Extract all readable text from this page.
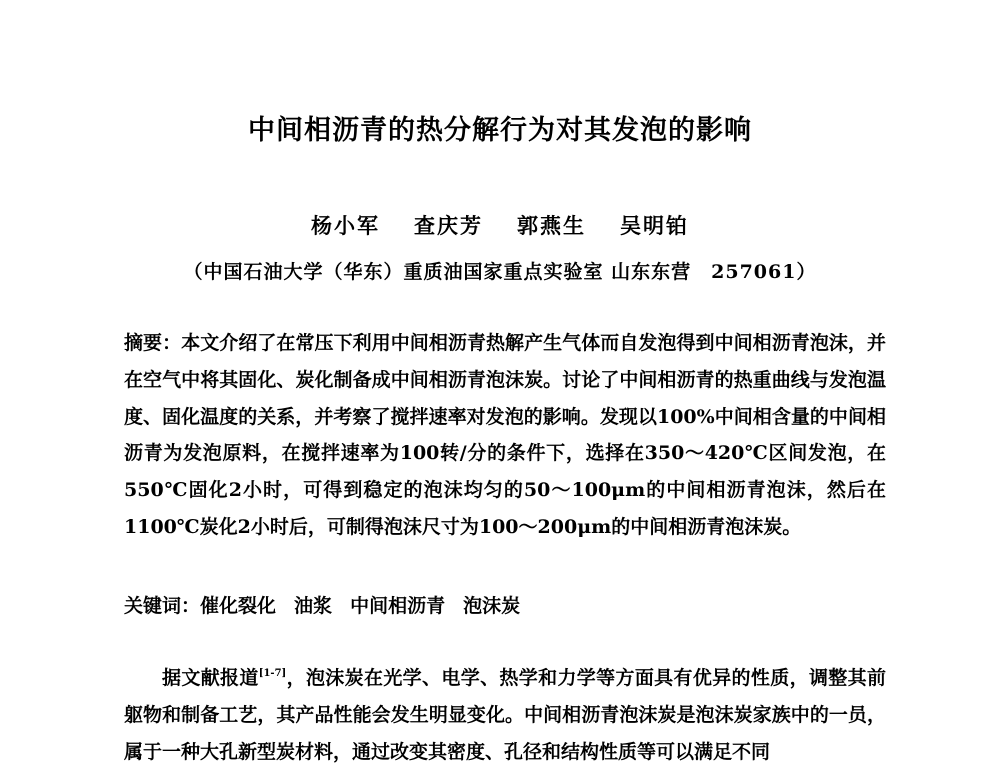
中间相沥青的热分解行为对其发泡的影响
杨小军 查庆芳 郭燕生 吴明铂
（中国石油大学（华东）重质油国家重点实验室 山东东营　257061）
摘要：本文介绍了在常压下利用中间相沥青热解产生气体而自发泡得到中间相沥青泡沫，并在空气中将其固化、炭化制备成中间相沥青泡沫炭。讨论了中间相沥青的热重曲线与发泡温度、固化温度的关系，并考察了搅拌速率对发泡的影响。发现以100%中间相含量的中间相沥青为发泡原料，在搅拌速率为100转/分的条件下，选择在350～420℃区间发泡，在550℃固化2小时，可得到稳定的泡沫均匀的50～100μm的中间相沥青泡沫，然后在1100℃炭化2小时后，可制得泡沫尺寸为100～200μm的中间相沥青泡沫炭。
关键词：催化裂化 油浆 中间相沥青 泡沫炭
据文献报道[1-7]，泡沫炭在光学、电学、热学和力学等方面具有优异的性质，调整其前躯物和制备工艺，其产品性能会发生明显变化。中间相沥青泡沫炭是泡沫炭家族中的一员，属于一种大孔新型炭材料，通过改变其密度、孔径和结构性质等可以满足不同
